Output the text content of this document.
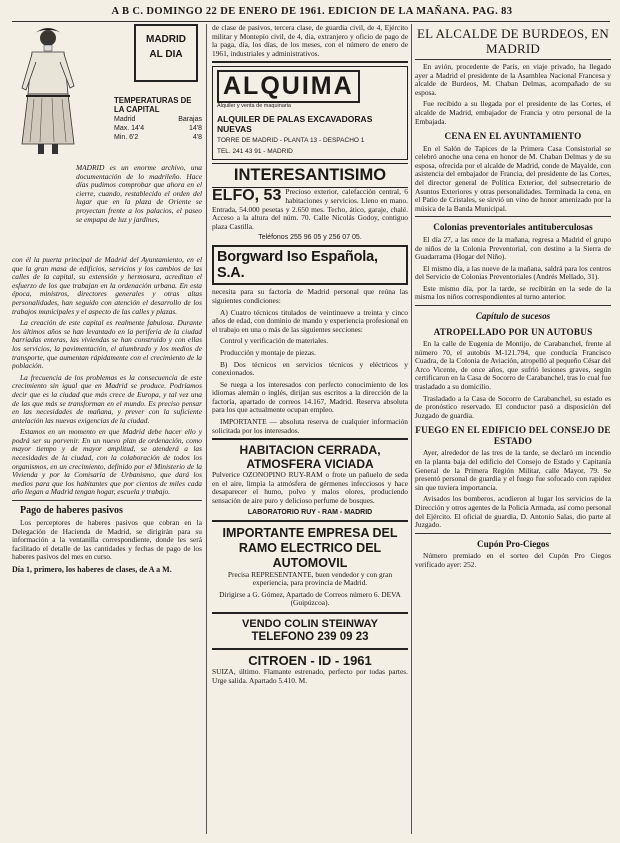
A B C. DOMINGO 22 DE ENERO DE 1961. EDICION DE LA MAÑANA. PAG. 83
MADRID
AL DIA
TEMPERATURAS DE LA CAPITAL
Madrid	Barajas
Max. 14'4	14'8
Min. 6'2	4'8

MADRID es un enorme archivo, una documentación de lo madrileño. Hace días pudimos comprobar que ahora en el cierre, cuando, restablecido el orden del lugar que en la plaza de Oriente se proyectan frente a los palacios, el paseo se empapa de luz y jardines,

con él la puerta principal de Madrid del Ayuntamiento, en el que la gran masa de edificios, servicios y los cambios de las calles de la capital, su extensión y hermosura, acreditan el esfuerzo de los que trabajan en la ordenación urbana. En esta época, ministros, directores generales y otras altas personalidades, han seguido con atención el desarrollo de los trabajos municipales y el aspecto de las calles y plazas.

La creación de este capital es realmente fabulosa. Durante los últimos años se han levantado en la periferia de la ciudad barriadas enteras, las viviendas se han construido y con ellas los servicios, la pavimentación, el alumbrado y los medios de transporte, que aumentan rápidamente con el crecimiento de la población.

La frecuencia de los problemas es la consecuencia de este crecimiento sin igual que en Madrid se produce. Podríamos decir que es la ciudad que más crece de Europa, y tal vez una de las que más se transforman en el mundo. Es preciso pensar en las necesidades de mañana, y prever con la suficiente antelación las nuevas exigencias de la ciudad.

Estamos en un momento en que Madrid debe hacer ello y podrá ser su porvenir. En un nuevo plan de ordenación, como mayor tiempo y de mayor amplitud, se atenderá a las necesidades de la ciudad, con la colaboración de todos los organismos, en un crecimiento, definido por el Ministerio de la Vivienda y por la Comisaría de Urbanismo, que dará los medios para que los habitantes que por cientos de miles cada año llegan a Madrid tengan hogar, escuela y trabajo.

Pago de haberes pasivos

Los perceptores de haberes pasivos que cobran en la Delegación de Hacienda de Madrid, se dirigirán para su información a la ventanilla correspondiente, donde les será facilitado el detalle de las cantidades y fechas de pago de los haberes pasivos del mes en curso.

Día 1, primero, los haberes de clases, de A a M.

de clase de pasivos, tercera clase, de guardia civil, de 4, Ejército militar y Montepío civil, de 4, dia, extranjero y oficio de pago de la paga, día, los días, de los meses, con el número de enero de 1961, industriales y administrativos.

ALQUIMA
Alquiler y venta de maquinaria
ALQUILER DE PALAS EXCAVADORAS NUEVAS
TORRE DE MADRID - PLANTA 13 - DESPACHO 1
TEL. 241 43 91 - MADRID
INTERESANTISIMO

ELFO, 53 Precioso exterior, calefacción central, 6 habitaciones y servicios. Lleno en mano. Entrada, 54.000 pesetas y 2.650 mes. Techo, ático, garaje, chalé. Acceso a la altura del núm. 70. Calle Nicolás Godoy, contiguo plaza Castilla.

Teléfonos 255 96 05 y 256 07 05.
Borgward Iso Española, S.A.

necesita para su factoría de Madrid personal que reúna las siguientes condiciones:

A) Cuatro técnicos titulados de veintinueve a treinta y cinco años de edad, con dominio de mando y experiencia profesional en el trabajo en una o más de las siguientes secciones:

Control y verificación de materiales.

Producción y montaje de piezas.

B) Dos técnicos en servicios técnicos y eléctricos y conexionados.

Se ruega a los interesados con perfecto conocimiento de los idiomas alemán o inglés, dirijan sus escritos a la dirección de la factoría, apartado de correos 14.167, Madrid. Reserva absoluta para los que actualmente ocupan empleo.

IMPORTANTE — absoluta reserva de cualquier información solicitada por los interesados.

HABITACION CERRADA, ATMOSFERA VICIADA

Pulverice OZONOPINO RUY-RAM o frote un pañuelo de seda en el aire, limpia la atmósfera de gérmenes infecciosos y hace desaparecer el humo, polvo y malos olores, produciendo sensación de aire puro y delicioso perfume de bosques.

LABORATORIO RUY - RAM - MADRID
IMPORTANTE EMPRESA DEL RAMO ELECTRICO DEL AUTOMOVIL

Precisa REPRESENTANTE, buen vendedor y con gran experiencia, para provincia de Madrid.

Dirigirse a G. Gómez, Apartado de Correos número 6. DEVA (Guipúzcoa).

VENDO COLIN STEINWAY
TELEFONO 239 09 23
CITROEN - ID - 1961

SUIZA, último. Flamante estrenado, perfecto por todas partes. Urge salida. Apartado 5.410. M.

EL ALCALDE DE BURDEOS, EN MADRID

En avión, procedente de París, en viaje privado, ha llegado ayer a Madrid el presidente de la Asamblea Nacional Francesa y alcalde de Burdeos, M. Chaban Delmas, acompañado de su esposa.

Fue recibido a su llegada por el presidente de las Cortes, el alcalde de Madrid, embajador de Francia y otro personal de la Embajada.

CENA EN EL AYUNTAMIENTO

En el Salón de Tapices de la Primera Casa Consistorial se celebró anoche una cena en honor de M. Chaban Delmas y de su esposa, ofrecida por el alcalde de Madrid, conde de Mayalde, con asistencia del embajador de Francia, del presidente de las Cortes, del director general de Política Exterior, del subsecretario de Asuntos Exteriores y otras personalidades. Terminada la cena, en el Patio de Cristales, se sirvió un vino de honor amenizado por la música de la Banda Municipal.

Colonias preventoriales antituberculosas

El día 27, a las once de la mañana, regresa a Madrid el grupo de niños de la Colonia Preventorial, con destino a la Sierra de Guadarrama (Hogar del Niño).

El mismo día, a las nueve de la mañana, saldrá para los centros del Servicio de Colonias Preventoriales (Andrés Mellado, 31).

Este mismo día, por la tarde, se recibirán en la sede de la misma los niños correspondientes al turno anterior.

Capítulo de sucesos
ATROPELLADO POR UN AUTOBUS

En la calle de Eugenia de Montijo, de Carabanchel, frente al número 70, el autobús M-121.794, que conducía Francisco Cuadra, de la Colonia de Aviación, atropelló al pequeño César del Arco Vicente, de once años, que sufrió lesiones graves, según certificaron en la Casa de Socorro de Carabanchel, tras lo cual fue trasladado a su domicilio.

Trasladado a la Casa de Socorro de Carabanchel, su estado es de pronóstico reservado. El conductor pasó a disposición del Juzgado de guardia.

FUEGO EN EL EDIFICIO DEL CONSEJO DE ESTADO

Ayer, alrededor de las tres de la tarde, se declaró un incendio en la planta baja del edificio del Consejo de Estado y Capitanía General de la Primera Región Militar, calle Mayor, 79. Se presentó personal de guardia y el fuego fue sofocado con rapidez sin que tuviera importancia.

Avisados los bomberos, acudieron al lugar los servicios de la Dirección y otros agentes de la Policía Armada, así como personal del Ejército. El oficial de guardia, D. Antonio Salas, dio parte al Juzgado.

Cupón Pro-Ciegos

Número premiado en el sorteo del Cupón Pro Ciegos verificado ayer: 252.
